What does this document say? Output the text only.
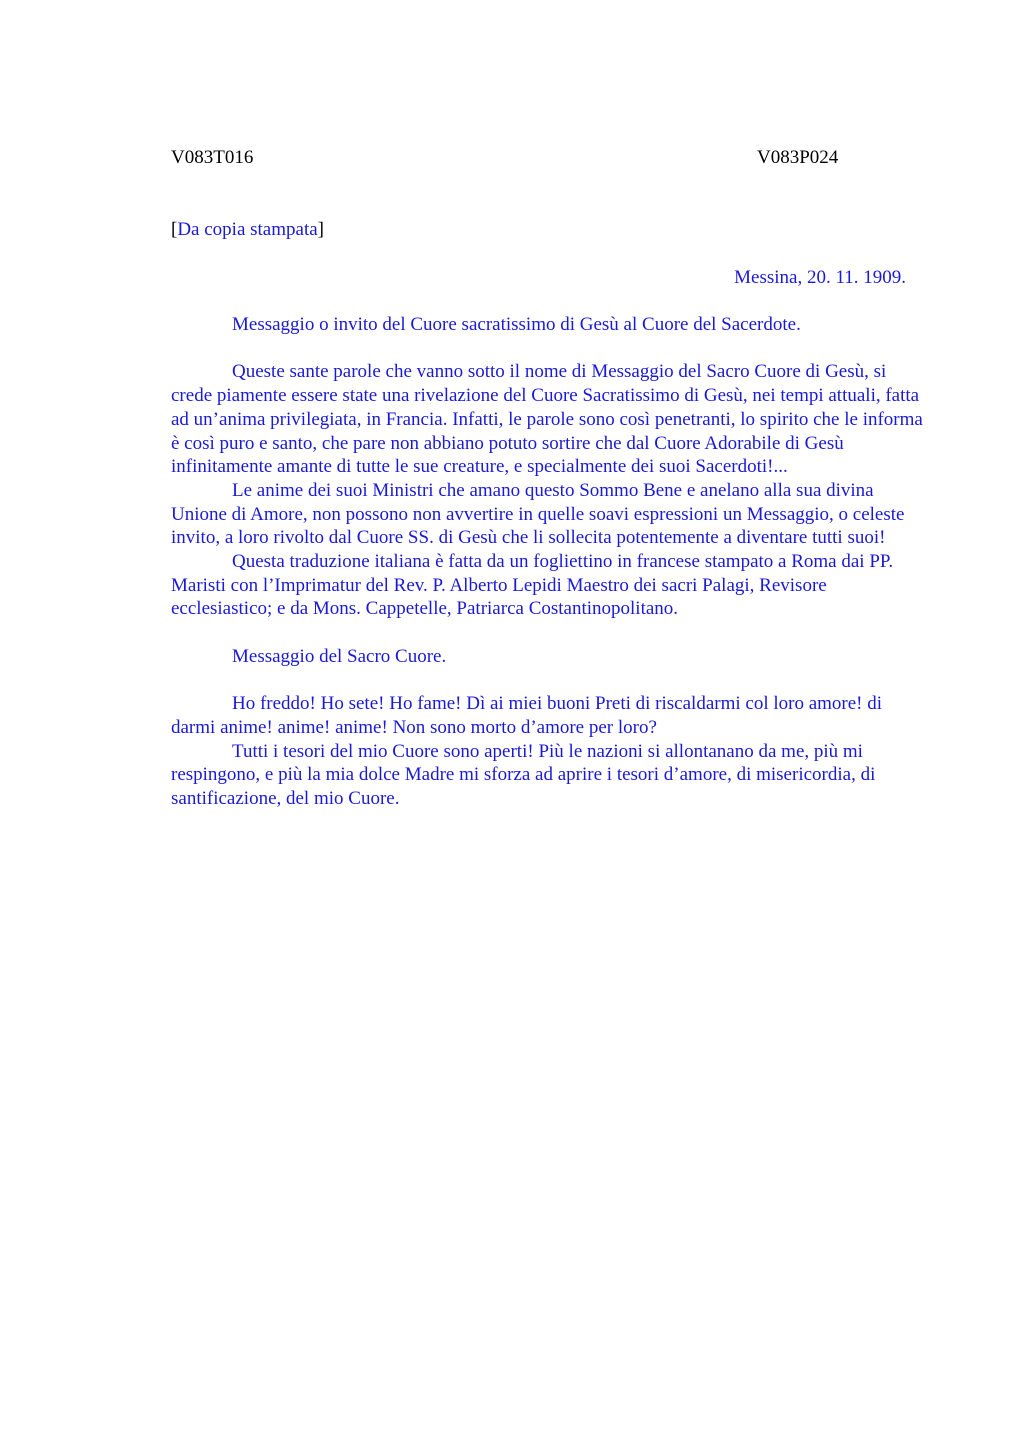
V083T016	V083P024
[Da copia stampata]
Messina, 20. 11. 1909.

Messaggio o invito del Cuore sacratissimo di Gesù al Cuore del Sacerdote.

Queste sante parole che vanno sotto il nome di Messaggio del Sacro Cuore di Gesù, si crede piamente essere state una rivelazione del Cuore Sacratissimo di Gesù, nei tempi attuali, fatta ad un’anima privilegiata, in Francia. Infatti, le parole sono così penetranti, lo spirito che le informa è così puro e santo, che pare non abbiano potuto sortire che dal Cuore Adorabile di Gesù infinitamente amante di tutte le sue creature, e specialmente dei suoi Sacerdoti!...

Le anime dei suoi Ministri che amano questo Sommo Bene e anelano alla sua divina Unione di Amore, non possono non avvertire in quelle soavi espressioni un Messaggio, o celeste invito, a loro rivolto dal Cuore SS. di Gesù che li sollecita potentemente a diventare tutti suoi!

Questa traduzione italiana è fatta da un fogliettino in francese stampato a Roma dai PP. Maristi con l’Imprimatur del Rev. P. Alberto Lepidi Maestro dei sacri Palagi, Revisore ecclesiastico; e da Mons. Cappetelle, Patriarca Costantinopolitano.

Messaggio del Sacro Cuore.

Ho freddo! Ho sete! Ho fame! Dì ai miei buoni Preti di riscaldarmi col loro amore! di darmi anime! anime! anime! Non sono morto d’amore per loro?

Tutti i tesori del mio Cuore sono aperti! Più le nazioni si allontanano da me, più mi respingono, e più la mia dolce Madre mi sforza ad aprire i tesori d’amore, di misericordia, di santificazione, del mio Cuore.
